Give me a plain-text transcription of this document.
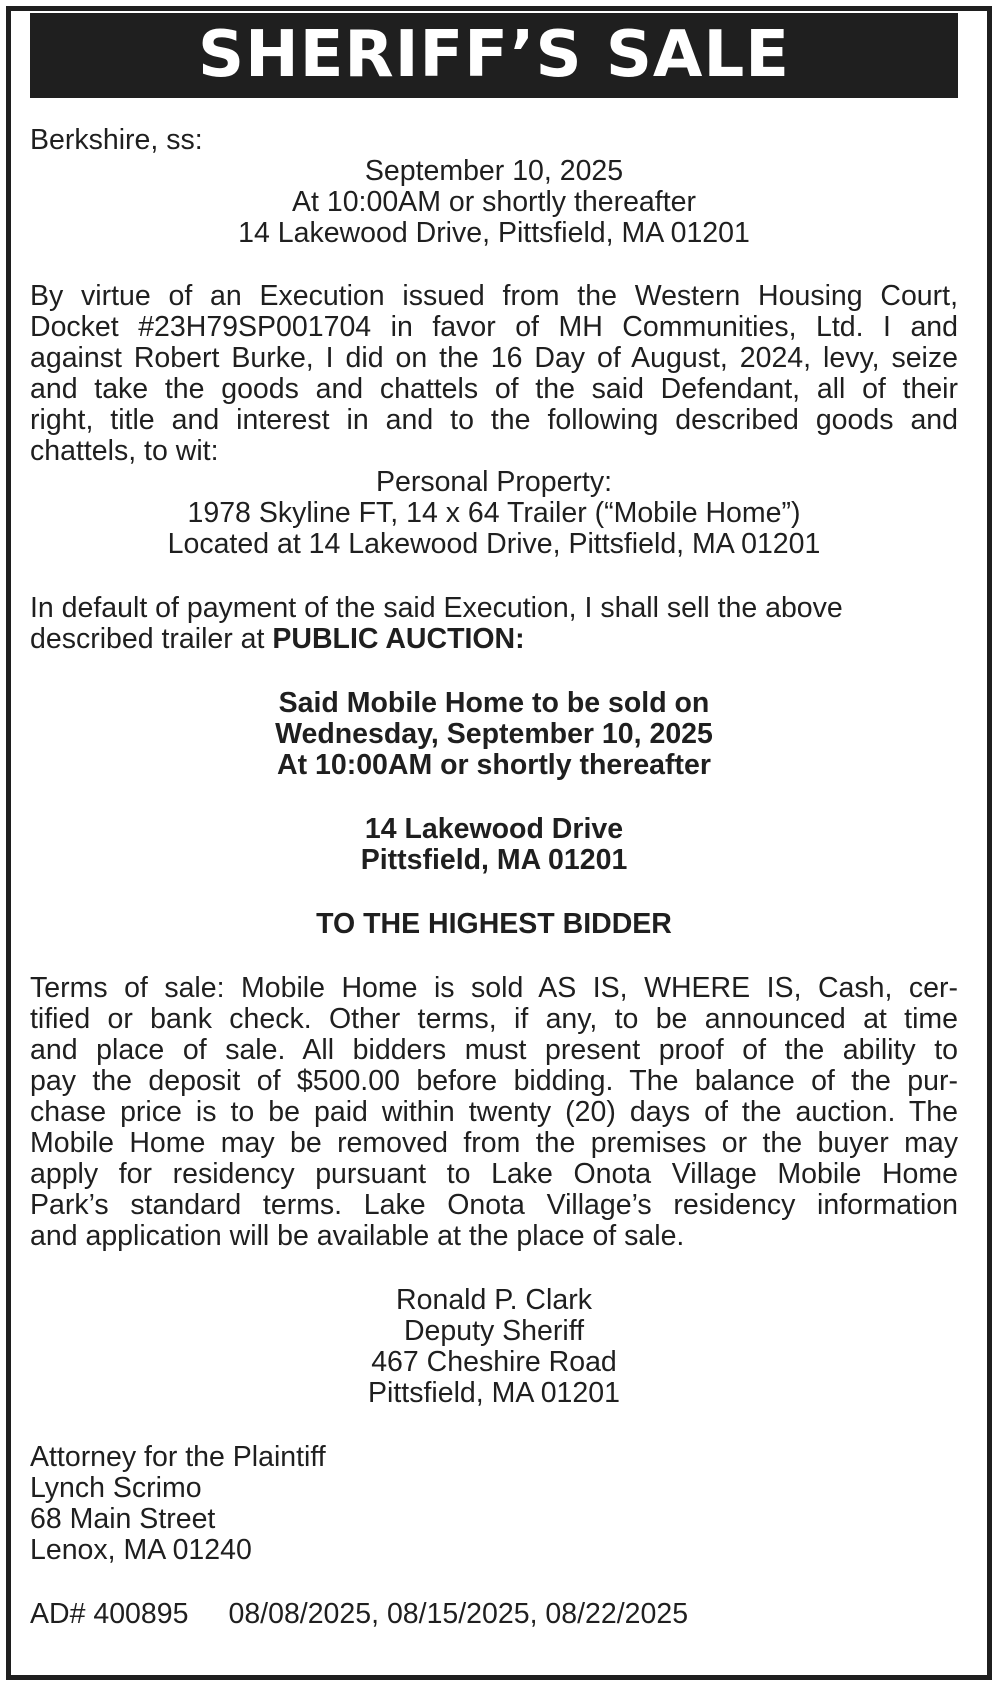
SHERIFF’S SALE
Berkshire, ss:
September 10, 2025
At 10:00AM or shortly thereafter
14 Lakewood Drive, Pittsfield, MA 01201
By virtue of an Execution issued from the Western Housing Court,
Docket #23H79SP001704 in favor of MH Communities, Ltd. I and
against Robert Burke, I did on the 16 Day of August, 2024, levy, seize
and take the goods and chattels of the said Defendant, all of their
right, title and interest in and to the following described goods and
chattels, to wit:
Personal Property:
1978 Skyline FT, 14 x 64 Trailer (“Mobile Home”)
Located at 14 Lakewood Drive, Pittsfield, MA 01201
In default of payment of the said Execution, I shall sell the above
described trailer at PUBLIC AUCTION:
Said Mobile Home to be sold on
Wednesday, September 10, 2025
At 10:00AM or shortly thereafter
14 Lakewood Drive
Pittsfield, MA 01201
TO THE HIGHEST BIDDER
Terms of sale: Mobile Home is sold AS IS, WHERE IS, Cash, cer-
tified or bank check. Other terms, if any, to be announced at time
and place of sale. All bidders must present proof of the ability to
pay the deposit of $500.00 before bidding. The balance of the pur-
chase price is to be paid within twenty (20) days of the auction. The
Mobile Home may be removed from the premises or the buyer may
apply for residency pursuant to Lake Onota Village Mobile Home
Park’s standard terms. Lake Onota Village’s residency information
and application will be available at the place of sale.
Ronald P. Clark
Deputy Sheriff
467 Cheshire Road
Pittsfield, MA 01201
Attorney for the Plaintiff
Lynch Scrimo
68 Main Street
Lenox, MA 01240
AD# 400895 08/08/2025, 08/15/2025, 08/22/2025
